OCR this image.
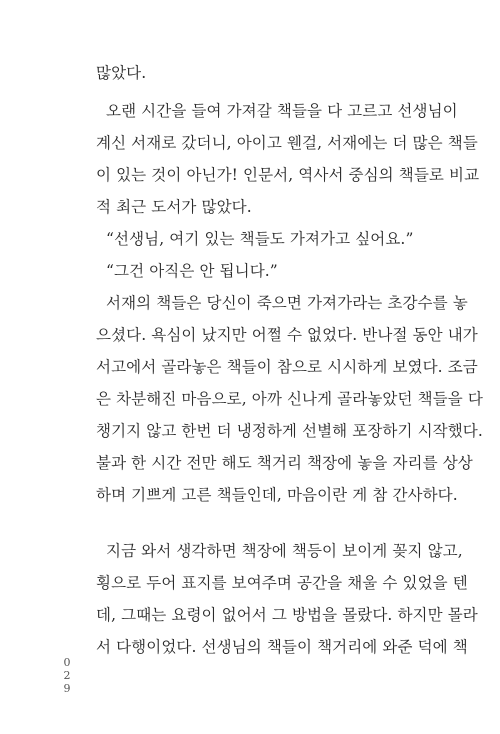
많았다.
오랜 시간을 들여 가져갈 책들을 다 고르고 선생님이
계신 서재로 갔더니, 아이고 웬걸, 서재에는 더 많은 책들
이 있는 것이 아닌가! 인문서, 역사서 중심의 책들로 비교
적 최근 도서가 많았다.
“선생님, 여기 있는 책들도 가져가고 싶어요.”
“그건 아직은 안 됩니다.”
서재의 책들은 당신이 죽으면 가져가라는 초강수를 놓
으셨다. 욕심이 났지만 어쩔 수 없었다. 반나절 동안 내가
서고에서 골라놓은 책들이 참으로 시시하게 보였다. 조금
은 차분해진 마음으로, 아까 신나게 골라놓았던 책들을 다
챙기지 않고 한번 더 냉정하게 선별해 포장하기 시작했다.
불과 한 시간 전만 해도 책거리 책장에 놓을 자리를 상상
하며 기쁘게 고른 책들인데, 마음이란 게 참 간사하다.
지금 와서 생각하면 책장에 책등이 보이게 꽂지 않고,
횡으로 두어 표지를 보여주며 공간을 채울 수 있었을 텐
데, 그때는 요령이 없어서 그 방법을 몰랐다. 하지만 몰라
서 다행이었다. 선생님의 책들이 책거리에 와준 덕에 책
0
2
9
